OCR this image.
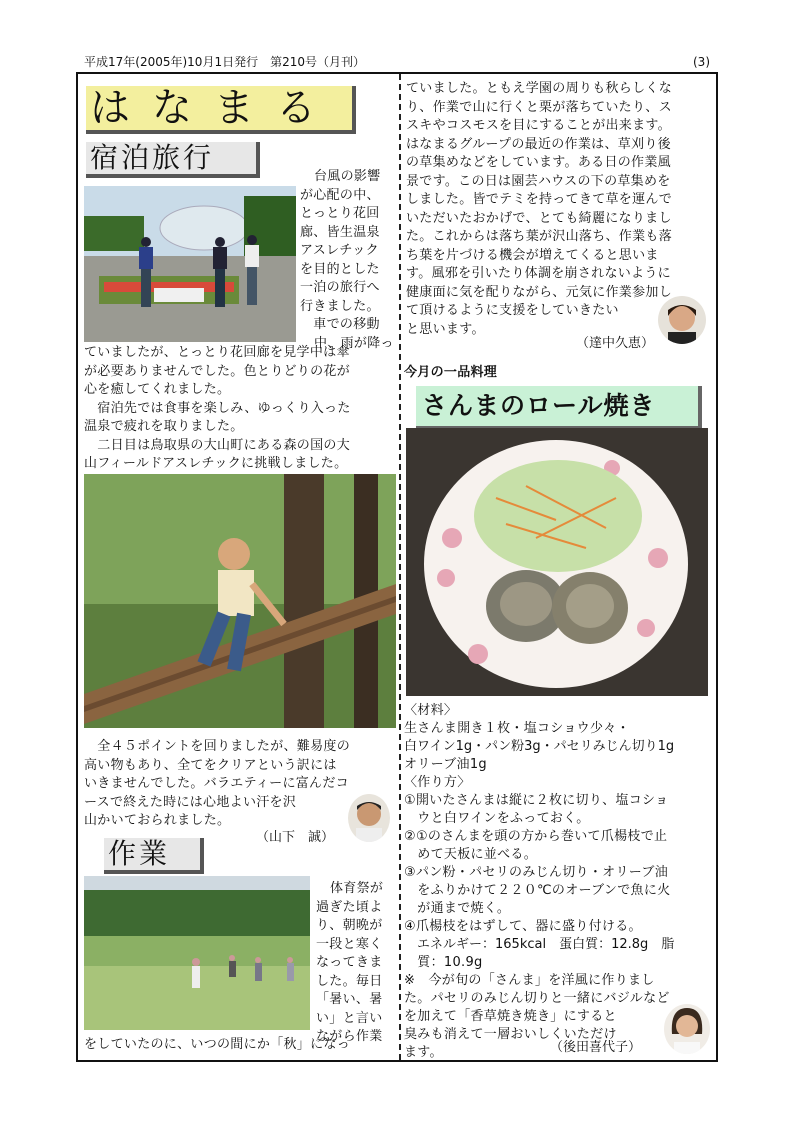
平成17年(2005年)10月1日発行　第210号（月刊）	(3)
はなまる
宿泊旅行

台風の影響

が心配の中、

とっとり花回

廊、皆生温泉

アスレチック

を目的とした

一泊の旅行へ

行きました。

　車での移動

中、雨が降っ

ていましたが、とっとり花回廊を見学中は傘

が必要ありませんでした。色とりどりの花が

心を癒してくれました。

　宿泊先では食事を楽しみ、ゆっくり入った

温泉で疲れを取りました。

　二日目は鳥取県の大山町にある森の国の大

山フィールドアスレチックに挑戦しました。

　全４５ポイントを回りましたが、難易度の

高い物もあり、全てをクリアという訳には

いきませんでした。バラエティーに富んだコ

ースで終えた時には心地よい汗を沢

山かいておられました。

（山下　誠）
作業

体育祭が

過ぎた頃よ

り、朝晩が

一段と寒く

なってきま

した。毎日

「暑い、暑

い」と言い

ながら作業

をしていたのに、いつの間にか「秋」になっ

ていました。ともえ学園の周りも秋らしくな

り、作業で山に行くと栗が落ちていたり、ス

スキやコスモスを目にすることが出来ます。

はなまるグループの最近の作業は、草刈り後

の草集めなどをしています。ある日の作業風

景です。この日は園芸ハウスの下の草集めを

しました。皆でテミを持ってきて草を運んで

いただいたおかげで、とても綺麗になりまし

た。これからは落ち葉が沢山落ち、作業も落

ち葉を片づける機会が増えてくると思いま

す。風邪を引いたり体調を崩されないように

健康面に気を配りながら、元気に作業参加し

て頂けるように支援をしていきたい

と思います。

（達中久恵）
今月の一品料理
さんまのロール焼き

〈材料〉

生さんま開き１枚・塩コショウ少々・

白ワイン1g・パン粉3g・パセリみじん切り1g

オリーブ油1g

〈作り方〉

①開いたさんまは縦に２枚に切り、塩コショ

　ウと白ワインをふっておく。

②①のさんまを頭の方から巻いて爪楊枝で止

　めて天板に並べる。

③パン粉・パセリのみじん切り・オリーブ油

　をふりかけて２２０℃のオーブンで魚に火

　が通まで焼く。

④爪楊枝をはずして、器に盛り付ける。

　エネルギー：165kcal　蛋白質：12.8g　脂

　質：10.9g

※　今が旬の「さんま」を洋風に作りまし

た。パセリのみじん切りと一緒にバジルなど

を加えて「香草焼き焼き」にすると

臭みも消えて一層おいしくいただけ

ます。	（後田喜代子）
